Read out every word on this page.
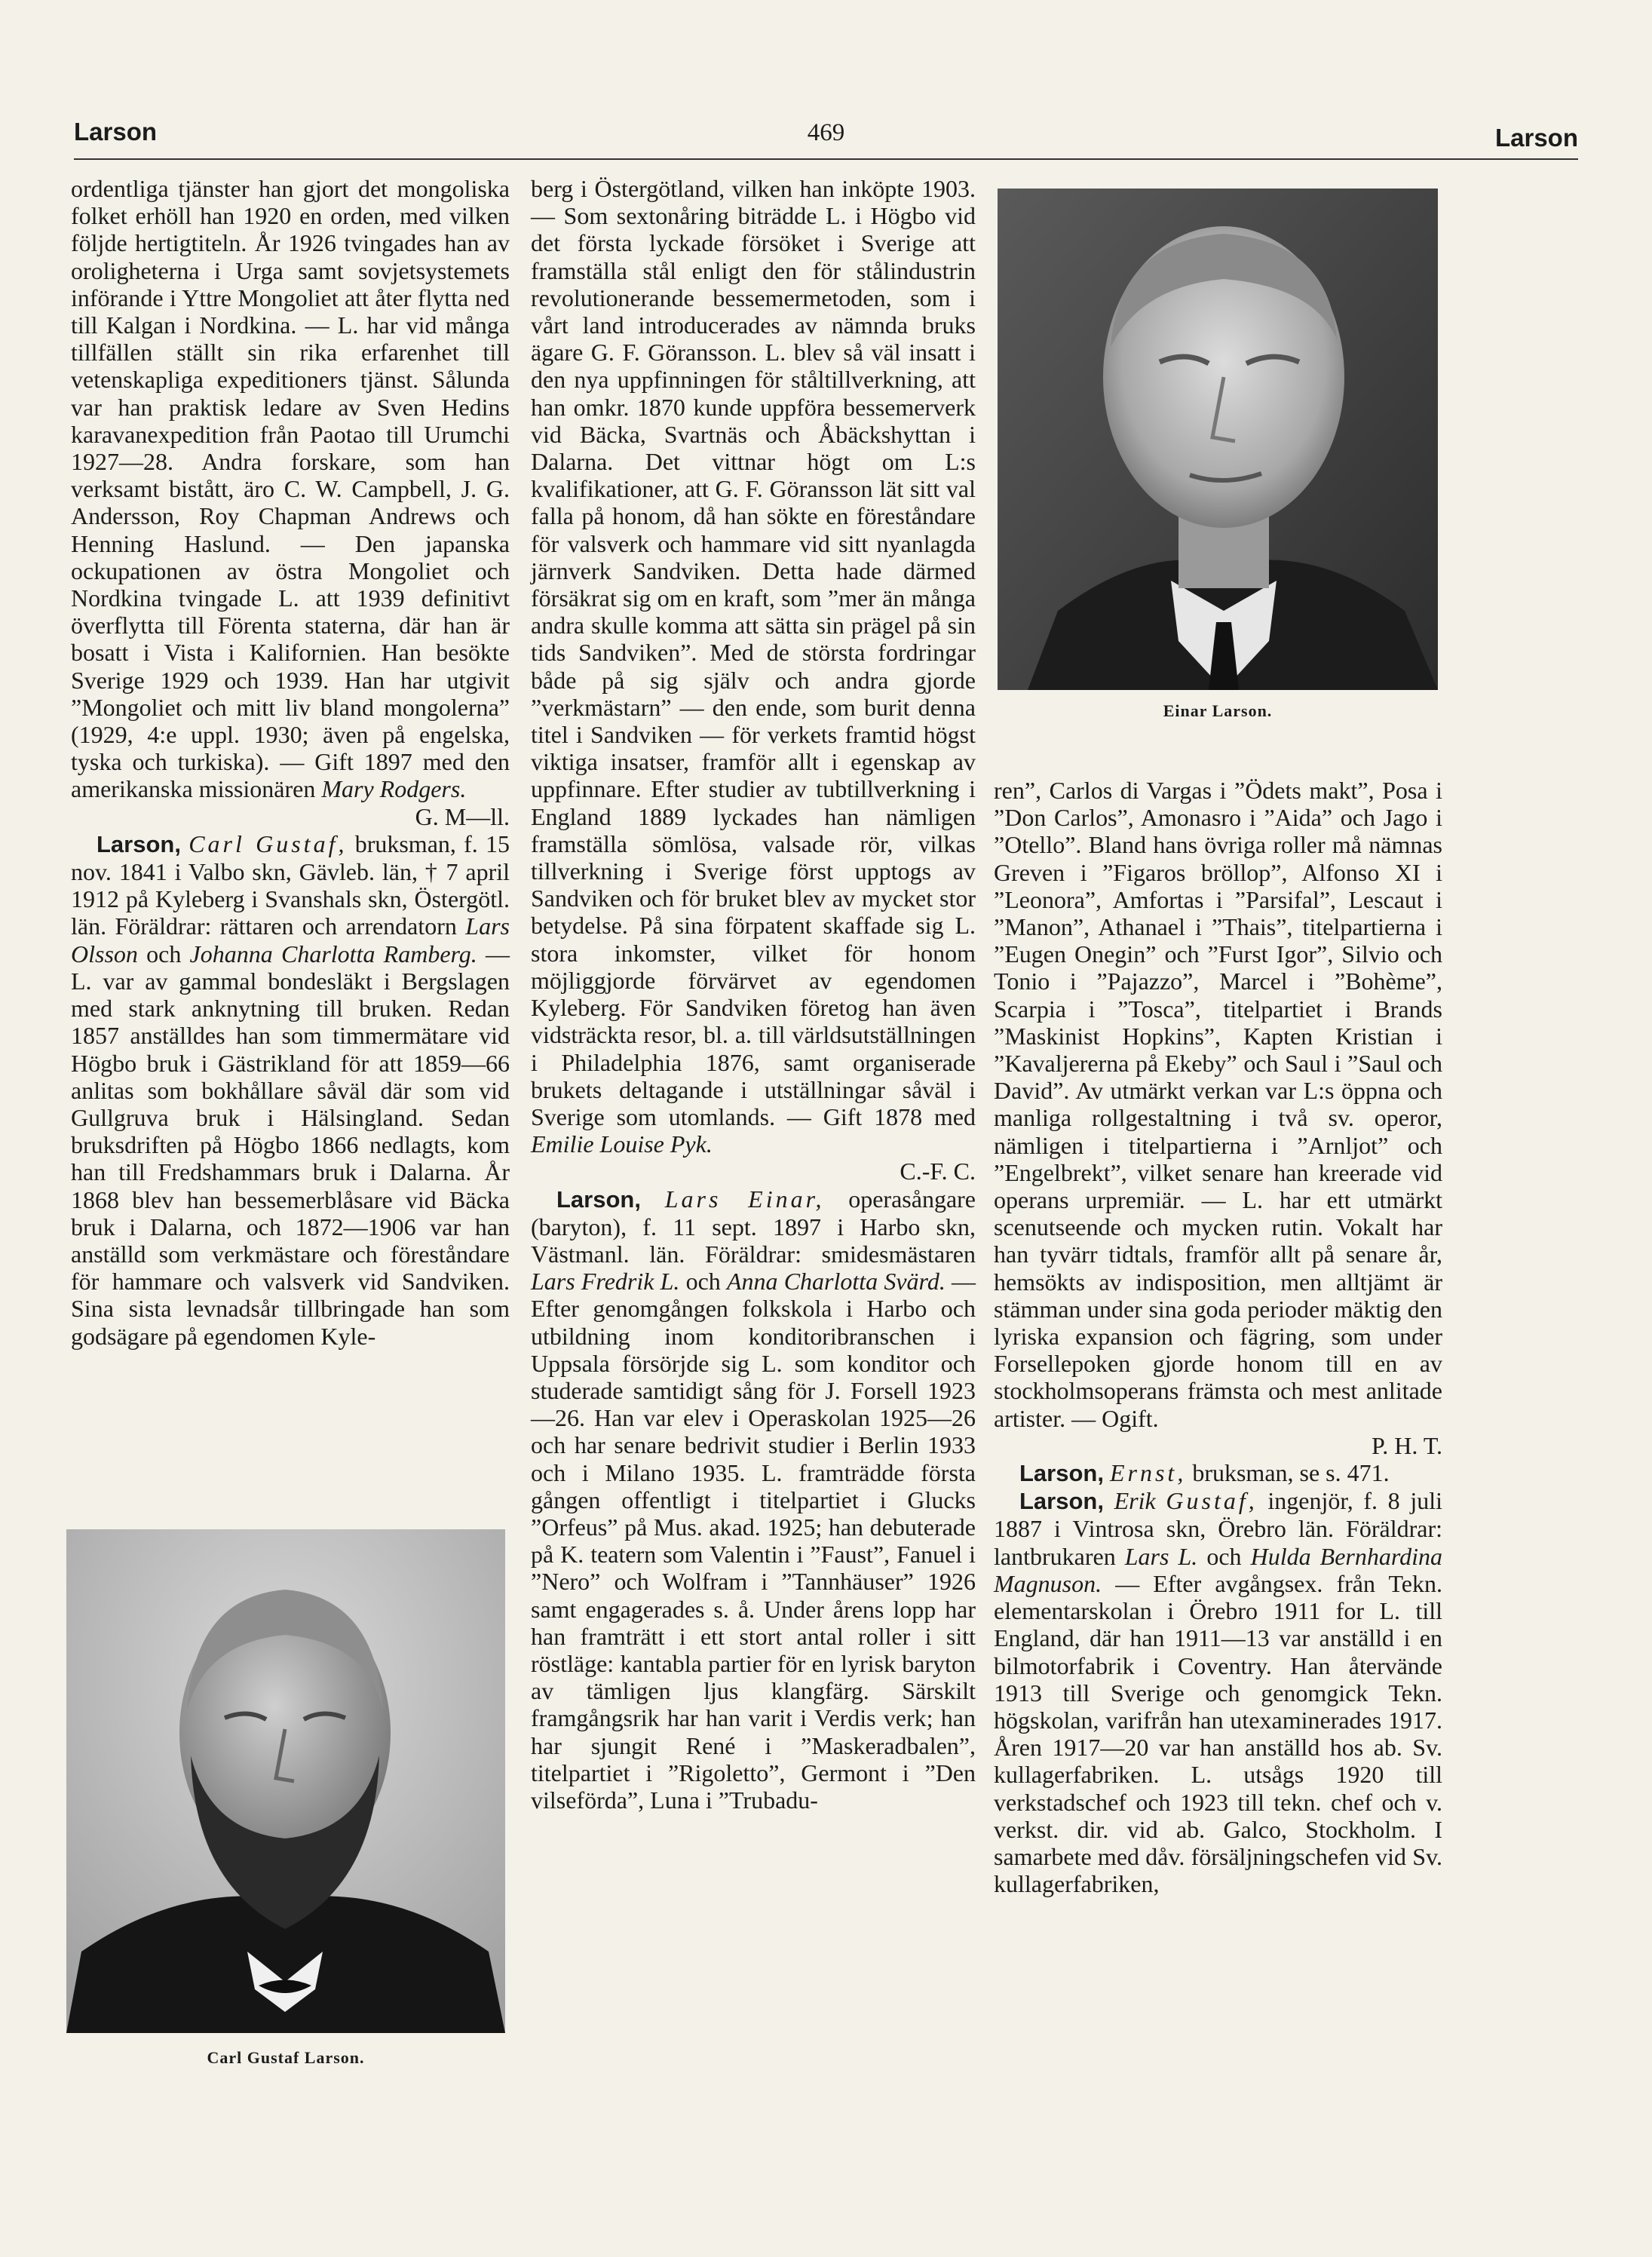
Larson	469	Larson

ordentliga tjänster han gjort det mongoliska folket erhöll han 1920 en orden, med vilken följde hertigtiteln. År 1926 tvingades han av oroligheterna i Urga samt sovjetsystemets införande i Yttre Mongoliet att åter flytta ned till Kalgan i Nordkina. — L. har vid många tillfällen ställt sin rika erfarenhet till vetenskapliga expeditioners tjänst. Sålunda var han praktisk ledare av Sven Hedins karavanexpedition från Paotao till Urumchi 1927—28. Andra forskare, som han verksamt bistått, äro C. W. Campbell, J. G. Andersson, Roy Chapman Andrews och Henning Haslund. — Den japanska ockupationen av östra Mongoliet och Nordkina tvingade L. att 1939 definitivt överflytta till Förenta staterna, där han är bosatt i Vista i Kalifornien. Han besökte Sverige 1929 och 1939. Han har utgivit ”Mongoliet och mitt liv bland mongolerna” (1929, 4:e uppl. 1930; även på engelska, tyska och turkiska). — Gift 1897 med den amerikanska missionären Mary Rodgers.
G. M—ll.

Larson, Carl Gustaf, bruksman, f. 15 nov. 1841 i Valbo skn, Gävleb. län, † 7 april 1912 på Kyleberg i Svanshals skn, Östergötl. län. Föräldrar: rättaren och arrendatorn Lars Olsson och Johanna Charlotta Ramberg. — L. var av gammal bondesläkt i Bergslagen med stark anknytning till bruken. Redan 1857 anställdes han som timmermätare vid Högbo bruk i Gästrikland för att 1859—66 anlitas som bokhållare såväl där som vid Gullgruva bruk i Hälsingland. Sedan bruksdriften på Högbo 1866 nedlagts, kom han till Fredshammars bruk i Dalarna. År 1868 blev han bessemerblåsare vid Bäcka bruk i Dalarna, och 1872—1906 var han anställd som verkmästare och föreståndare för hammare och valsverk vid Sandviken. Sina sista levnadsår tillbringade han som godsägare på egendomen Kyle-

berg i Östergötland, vilken han inköpte 1903. — Som sextonåring biträdde L. i Högbo vid det första lyckade försöket i Sverige att framställa stål enligt den för stålindustrin revolutionerande bessemermetoden, som i vårt land introducerades av nämnda bruks ägare G. F. Göransson. L. blev så väl insatt i den nya uppfinningen för ståltillverkning, att han omkr. 1870 kunde uppföra bessemerverk vid Bäcka, Svartnäs och Åbäckshyttan i Dalarna. Det vittnar högt om L:s kvalifikationer, att G. F. Göransson lät sitt val falla på honom, då han sökte en föreståndare för valsverk och hammare vid sitt nyanlagda järnverk Sandviken. Detta hade därmed försäkrat sig om en kraft, som ”mer än många andra skulle komma att sätta sin prägel på sin tids Sandviken”. Med de största fordringar både på sig själv och andra gjorde ”verkmästarn” — den ende, som burit denna titel i Sandviken — för verkets framtid högst viktiga insatser, framför allt i egenskap av uppfinnare. Efter studier av tubtillverkning i England 1889 lyckades han nämligen framställa sömlösa, valsade rör, vilkas tillverkning i Sverige först upptogs av Sandviken och för bruket blev av mycket stor betydelse. På sina förpatent skaffade sig L. stora inkomster, vilket för honom möjliggjorde förvärvet av egendomen Kyleberg. För Sandviken företog han även vidsträckta resor, bl. a. till världsutställningen i Philadelphia 1876, samt organiserade brukets deltagande i utställningar såväl i Sverige som utomlands. — Gift 1878 med Emilie Louise Pyk.
C.-F. C.

Larson, Lars Einar, operasångare (baryton), f. 11 sept. 1897 i Harbo skn, Västmanl. län. Föräldrar: smidesmästaren Lars Fredrik L. och Anna Charlotta Svärd. — Efter genomgången folkskola i Harbo och utbildning inom konditoribranschen i Uppsala försörjde sig L. som konditor och studerade samtidigt sång för J. Forsell 1923—26. Han var elev i Operaskolan 1925—26 och har senare bedrivit studier i Berlin 1933 och i Milano 1935. L. framträdde första gången offentligt i titelpartiet i Glucks ”Orfeus” på Mus. akad. 1925; han debuterade på K. teatern som Valentin i ”Faust”, Fanuel i ”Nero” och Wolfram i ”Tannhäuser” 1926 samt engagerades s. å. Under årens lopp har han framträtt i ett stort antal roller i sitt röstläge: kantabla partier för en lyrisk baryton av tämligen ljus klangfärg. Särskilt framgångsrik har han varit i Verdis verk; han har sjungit René i ”Maskeradbalen”, titelpartiet i ”Rigoletto”, Germont i ”Den vilseförda”, Luna i ”Trubadu-

Einar Larson.

ren”, Carlos di Vargas i ”Ödets makt”, Posa i ”Don Carlos”, Amonasro i ”Aida” och Jago i ”Otello”. Bland hans övriga roller må nämnas Greven i ”Figaros bröllop”, Alfonso XI i ”Leonora”, Amfortas i ”Parsifal”, Lescaut i ”Manon”, Athanael i ”Thais”, titelpartierna i ”Eugen Onegin” och ”Furst Igor”, Silvio och Tonio i ”Pajazzo”, Marcel i ”Bohème”, Scarpia i ”Tosca”, titelpartiet i Brands ”Maskinist Hopkins”, Kapten Kristian i ”Kavaljererna på Ekeby” och Saul i ”Saul och David”. Av utmärkt verkan var L:s öppna och manliga rollgestaltning i två sv. operor, nämligen i titelpartierna i ”Arnljot” och ”Engelbrekt”, vilket senare han kreerade vid operans urpremiär. — L. har ett utmärkt scenutseende och mycken rutin. Vokalt har han tyvärr tidtals, framför allt på senare år, hemsökts av indisposition, men alltjämt är stämman under sina goda perioder mäktig den lyriska expansion och fägring, som under Forsellepoken gjorde honom till en av stockholmsoperans främsta och mest anlitade artister. — Ogift.
P. H. T.

Larson, Ernst, bruksman, se s. 471.

Larson, Erik Gustaf, ingenjör, f. 8 juli 1887 i Vintrosa skn, Örebro län. Föräldrar: lantbrukaren Lars L. och Hulda Bernhardina Magnuson. — Efter avgångsex. från Tekn. elementarskolan i Örebro 1911 for L. till England, där han 1911—13 var anställd i en bilmotorfabrik i Coventry. Han återvände 1913 till Sverige och genomgick Tekn. högskolan, varifrån han utexaminerades 1917. Åren 1917—20 var han anställd hos ab. Sv. kullagerfabriken. L. utsågs 1920 till verkstadschef och 1923 till tekn. chef och v. verkst. dir. vid ab. Galco, Stockholm. I samarbete med dåv. försäljningschefen vid Sv. kullagerfabriken,

Carl Gustaf Larson.
